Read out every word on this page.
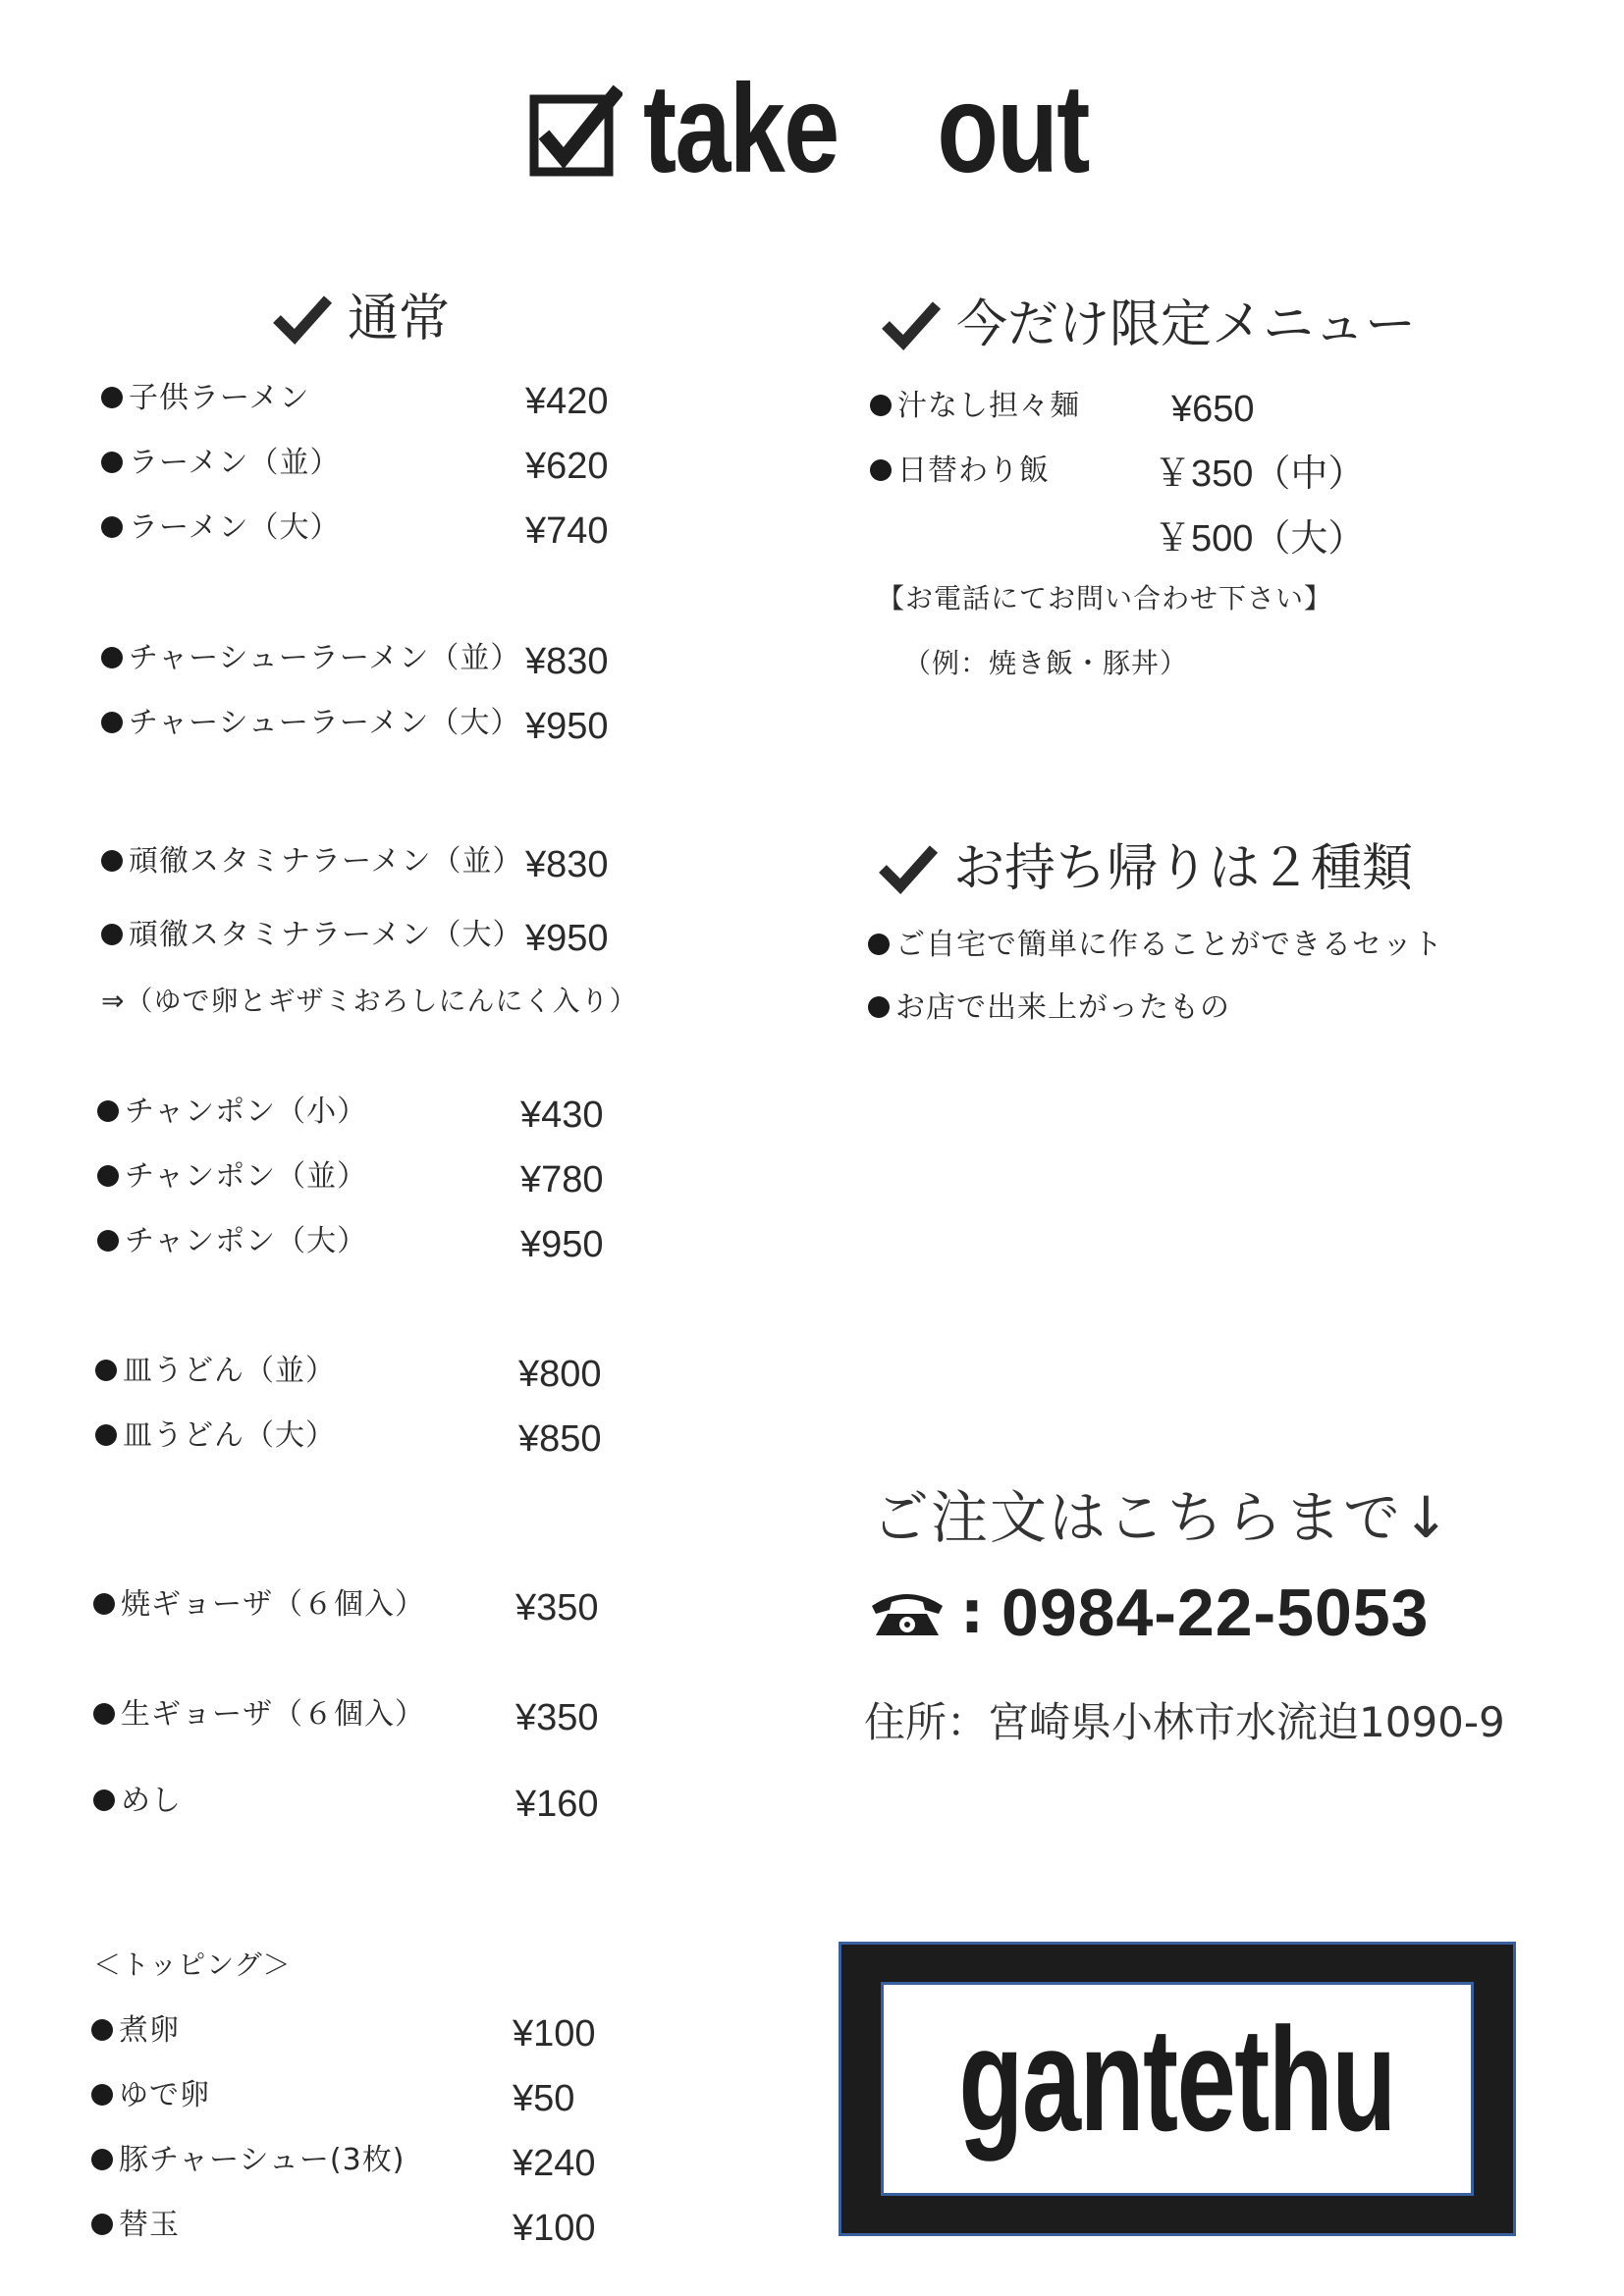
take　out
通常
子供ラーメン	¥420
ラーメン（並）	¥620
ラーメン（大）	¥740
チャーシューラーメン（並） ¥830
チャーシューラーメン（大） ¥950
頑徹スタミナラーメン（並） ¥830
頑徹スタミナラーメン（大） ¥950
⇒（ゆで卵とギザミおろしにんにく入り）
チャンポン（小）	¥430
チャンポン（並）	¥780
チャンポン（大）	¥950
皿うどん（並）	¥800
皿うどん（大）	¥850
焼ギョーザ（６個入） ¥350
生ギョーザ（６個入） ¥350
めし	¥160
＜トッピング＞
煮卵	¥100
ゆで卵	¥50
豚チャーシュー(3枚)	¥240
替玉	¥100
今だけ限定メニュー
汁なし担々麺 ¥650
日替わり飯	￥350（中）
￥500（大）
【お電話にてお問い合わせ下さい】
（例：焼き飯・豚丼）
お持ち帰りは２種類
ご自宅で簡単に作ることができるセット
お店で出来上がったもの
ご注文はこちらまで↓
: 0984-22-5053
住所：宮崎県小林市水流迫1090-9
gantethu
